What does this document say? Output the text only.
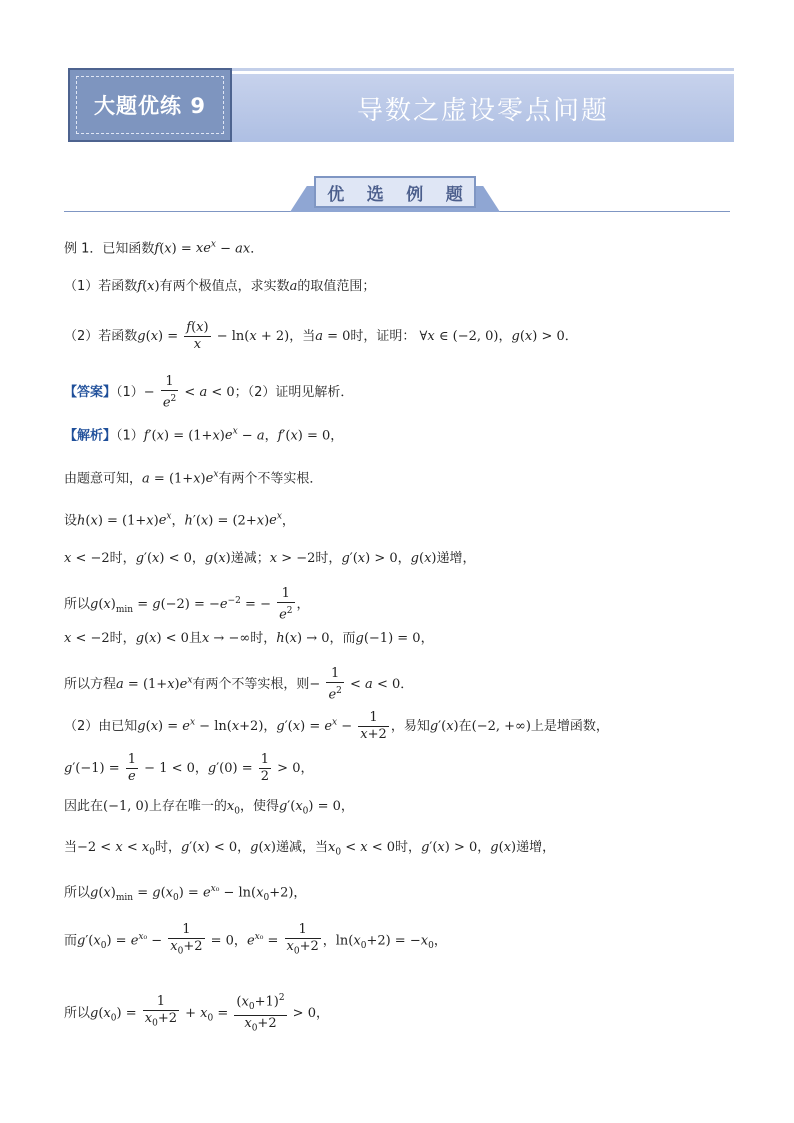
大题优练 9	导数之虚设零点问题
优 选 例 题
例 1．已知函数$f(x) = xe^x$ − ax．
（1）若函数f(x)有两个极值点，求实数a的取值范围；
（2）若函数$g(x) = \frac{f(x)}{x} - \ln(x + 2)$，当a = 0时，证明： ∀x ∈ (−2, 0)，g(x) > 0．
【答案】$(1)- \frac{1}{e^2} < a < 0$；（2）证明见解析．
【解析】$(1)f'(x) = (1+x)e^x - a$，f′(x) = 0，
由题意可知，$a = (1+x)e^x$有两个不等实根．
设$h(x) = (1+x)e^x$，$h'(x) = (2+x)e^x$，
x < −2时，g′(x) < 0，g(x)递减；x > −2时，g′(x) > 0，g(x)递增，
所以$g(x)_{min} = g(-2) = -e^{-2}$ = − $\frac{1}{e^2}$ ，
x < −2时，g(x) < 0且x → −∞时，h(x) → 0，而g(−1) = 0，
所以方程$a = (1+x)e^x$有两个不等实根，则− $\frac{1}{e^2} < a < 0$．
（2）由已知$g(x) = e^x - \ln(x+2)$，$g'(x) = e^x - \frac{1}{x+2}$ ，易知g′(x)在(−2, +∞)上是增函数，
$g'(-1) = \frac{1}{e} - 1 < 0$，$g'(0) = \frac{1}{2} > 0$，
因此在(−1, 0)上存在唯一的$x_0$，使得$g'(x_0) = 0$，
当$-2 < x < x_0$时，g′(x) < 0，g(x)递减，当$x_0 < x < 0$时，g′(x) > 0，g(x)递增，
所以$g(x)_{min} = g(x_0) = e^{x_0} - \ln(x_0+2)$，
而$g'(x_0) = e^{x_0} - \frac{1}{x_0+2} = 0$，$e^{x_0} = \frac{1}{x_0+2}$ ，$\ln(x_0+2) = -x_0$，
所以$g(x_0) = \frac{1}{x_0+2} + x_0 = \frac{(x_0+1)^2}{x_0+2} > 0$，
